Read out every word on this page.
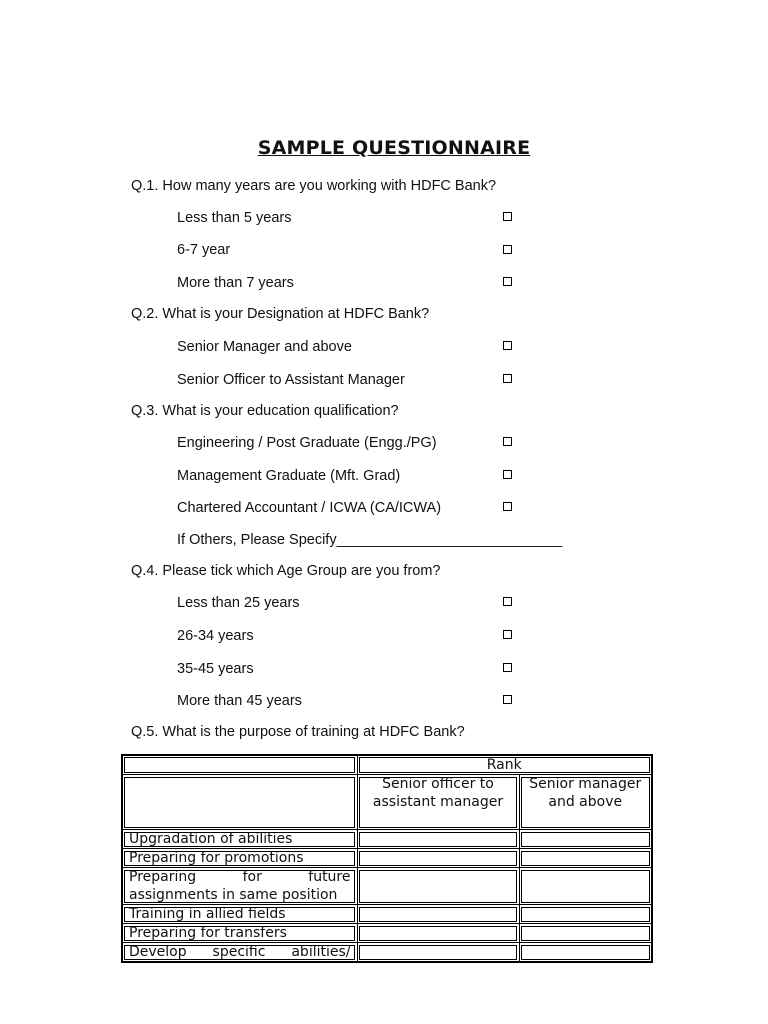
SAMPLE QUESTIONNAIRE
Q.1. How many years are you working with HDFC Bank?
Less than 5 years
6-7 year
More than 7 years
Q.2. What is your Designation at HDFC Bank?
Senior Manager and above
Senior Officer to Assistant Manager
Q.3. What is your education qualification?
Engineering / Post Graduate (Engg./PG)
Management Graduate (Mft. Grad)
Chartered Accountant / ICWA (CA/ICWA)
If Others, Please Specify____________________________
Q.4. Please tick which Age Group are you from?
Less than 25 years
26-34 years
35-45 years
More than 45 years
Q.5. What is the purpose of training at HDFC Bank?
	Rank	
	Senior officer to assistant manager	Senior manager and above
Upgradation of abilities		
Preparing for promotions		
Preparing for future assignments in same position		
Training in allied fields		
Preparing for transfers		
Develop specific abilities/		
